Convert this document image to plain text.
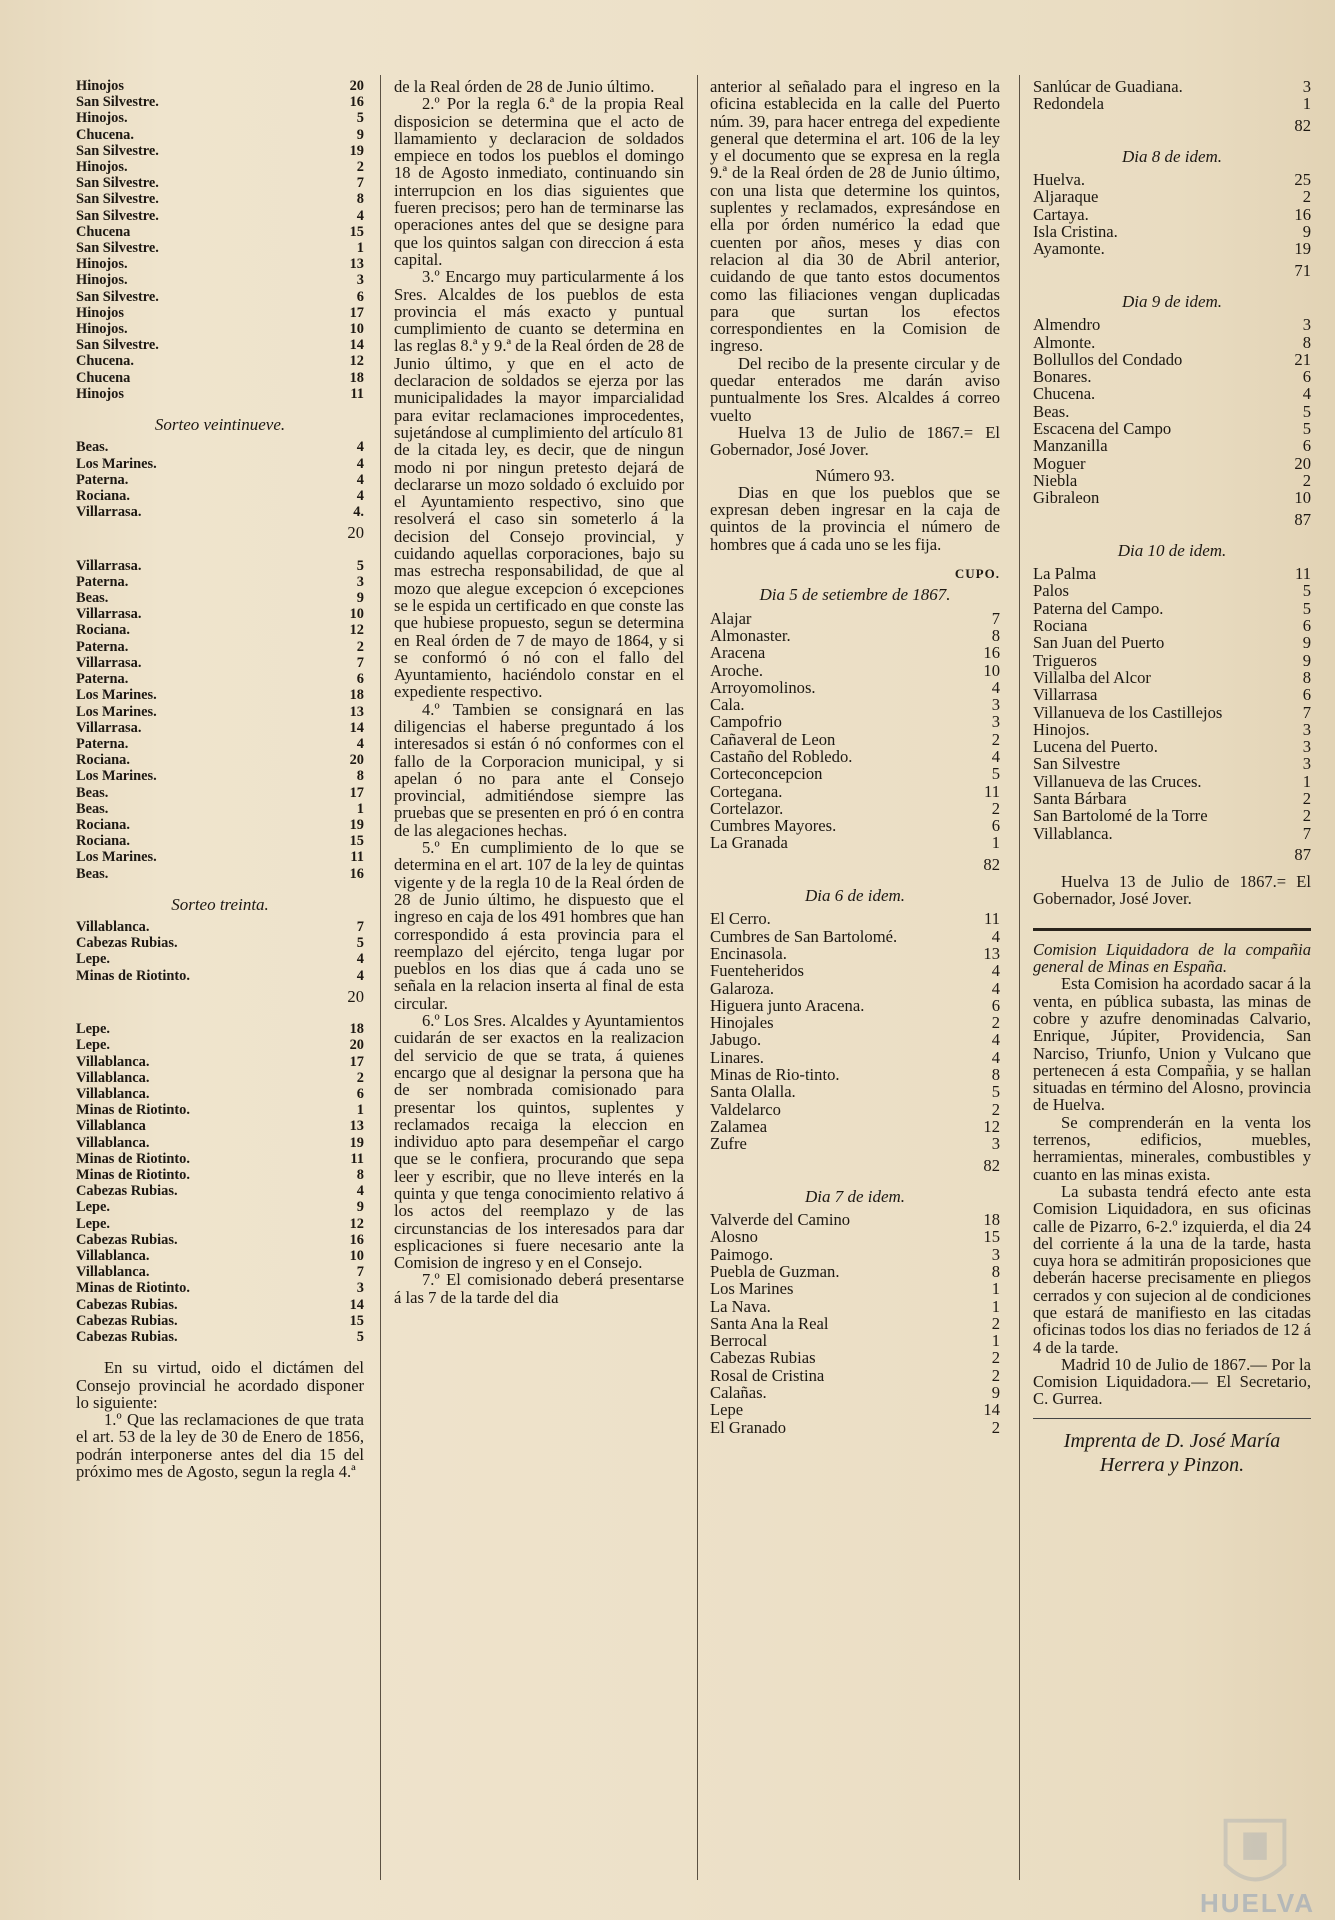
Hinojos	20
San Silvestre.	16
Hinojos.	5
Chucena.	9
San Silvestre.	19
Hinojos.	2
San Silvestre.	7
San Silvestre.	8
San Silvestre.	4
Chucena	15
San Silvestre.	1
Hinojos.	13
Hinojos.	3
San Silvestre.	6
Hinojos	17
Hinojos.	10
San Silvestre.	14
Chucena.	12
Chucena	18
Hinojos	11
Sorteo veintinueve.
Beas.	4
Los Marines.	4
Paterna.	4
Rociana.	4
Villarrasa.	4.
20
Villarrasa.	5
Paterna.	3
Beas.	9
Villarrasa.	10
Rociana.	12
Paterna.	2
Villarrasa.	7
Paterna.	6
Los Marines.	18
Los Marines.	13
Villarrasa.	14
Paterna.	4
Rociana.	20
Los Marines.	8
Beas.	17
Beas.	1
Rociana.	19
Rociana.	15
Los Marines.	11
Beas.	16
Sorteo treinta.
Villablanca.	7
Cabezas Rubias.	5
Lepe.	4
Minas de Riotinto.	4
20
Lepe.	18
Lepe.	20
Villablanca.	17
Villablanca.	2
Villablanca.	6
Minas de Riotinto.	1
Villablanca	13
Villablanca.	19
Minas de Riotinto.	11
Minas de Riotinto.	8
Cabezas Rubias.	4
Lepe.	9
Lepe.	12
Cabezas Rubias.	16
Villablanca.	10
Villablanca.	7
Minas de Riotinto.	3
Cabezas Rubias.	14
Cabezas Rubias.	15
Cabezas Rubias.	5

En su virtud, oido el dictámen del Consejo provincial he acordado disponer lo siguiente:

1.º Que las reclamaciones de que trata el art. 53 de la ley de 30 de Enero de 1856, podrán interponerse antes del dia 15 del próximo mes de Agosto, segun la regla 4.ª

de la Real órden de 28 de Junio último.

2.º Por la regla 6.ª de la propia Real disposicion se determina que el acto de llamamiento y declaracion de soldados empiece en todos los pueblos el domingo 18 de Agosto inmediato, continuando sin interrupcion en los dias siguientes que fueren precisos; pero han de terminarse las operaciones antes del que se designe para que los quintos salgan con direccion á esta capital.

3.º Encargo muy particularmente á los Sres. Alcaldes de los pueblos de esta provincia el más exacto y puntual cumplimiento de cuanto se determina en las reglas 8.ª y 9.ª de la Real órden de 28 de Junio último, y que en el acto de declaracion de soldados se ejerza por las municipalidades la mayor imparcialidad para evitar reclamaciones improcedentes, sujetándose al cumplimiento del artículo 81 de la citada ley, es decir, que de ningun modo ni por ningun pretesto dejará de declararse un mozo soldado ó excluido por el Ayuntamiento respectivo, sino que resolverá el caso sin someterlo á la decision del Consejo provincial, y cuidando aquellas corporaciones, bajo su mas estrecha responsabilidad, de que al mozo que alegue excepcion ó excepciones se le espida un certificado en que conste las que hubiese propuesto, segun se determina en Real órden de 7 de mayo de 1864, y si se conformó ó nó con el fallo del Ayuntamiento, haciéndolo constar en el expediente respectivo.

4.º Tambien se consignará en las diligencias el haberse preguntado á los interesados si están ó nó conformes con el fallo de la Corporacion municipal, y si apelan ó no para ante el Consejo provincial, admitiéndose siempre las pruebas que se presenten en pró ó en contra de las alegaciones hechas.

5.º En cumplimiento de lo que se determina en el art. 107 de la ley de quintas vigente y de la regla 10 de la Real órden de 28 de Junio último, he dispuesto que el ingreso en caja de los 491 hombres que han correspondido á esta provincia para el reemplazo del ejército, tenga lugar por pueblos en los dias que á cada uno se señala en la relacion inserta al final de esta circular.

6.º Los Sres. Alcaldes y Ayuntamientos cuidarán de ser exactos en la realizacion del servicio de que se trata, á quienes encargo que al designar la persona que ha de ser nombrada comisionado para presentar los quintos, suplentes y reclamados recaiga la eleccion en individuo apto para desempeñar el cargo que se le confiera, procurando que sepa leer y escribir, que no lleve interés en la quinta y que tenga conocimiento relativo á los actos del reemplazo y de las circunstancias de los interesados para dar esplicaciones si fuere necesario ante la Comision de ingreso y en el Consejo.

7.º El comisionado deberá presentarse á las 7 de la tarde del dia

anterior al señalado para el ingreso en la oficina establecida en la calle del Puerto núm. 39, para hacer entrega del expediente general que determina el art. 106 de la ley y el documento que se expresa en la regla 9.ª de la Real órden de 28 de Junio último, con una lista que determine los quintos, suplentes y reclamados, expresándose en ella por órden numérico la edad que cuenten por años, meses y dias con relacion al dia 30 de Abril anterior, cuidando de que tanto estos documentos como las filiaciones vengan duplicadas para que surtan los efectos correspondientes en la Comision de ingreso.

Del recibo de la presente circular y de quedar enterados me darán aviso puntualmente los Sres. Alcaldes á correo vuelto

Huelva 13 de Julio de 1867.= El Gobernador, José Jover.

Número 93.

Dias en que los pueblos que se expresan deben ingresar en la caja de quintos de la provincia el número de hombres que á cada uno se les fija.

CUPO.
Dia 5 de setiembre de 1867.
Alajar	7
Almonaster.	8
Aracena	16
Aroche.	10
Arroyomolinos.	4
Cala.	3
Campofrio	3
Cañaveral de Leon	2
Castaño del Robledo.	4
Corteconcepcion	5
Cortegana.	11
Cortelazor.	2
Cumbres Mayores.	6
La Granada	1
82
Dia 6 de idem.
El Cerro.	11
Cumbres de San Bartolomé.	4
Encinasola.	13
Fuenteheridos	4
Galaroza.	4
Higuera junto Aracena.	6
Hinojales	2
Jabugo.	4
Linares.	4
Minas de Rio-tinto.	8
Santa Olalla.	5
Valdelarco	2
Zalamea	12
Zufre	3
82
Dia 7 de idem.
Valverde del Camino	18
Alosno	15
Paimogo.	3
Puebla de Guzman.	8
Los Marines	1
La Nava.	1
Santa Ana la Real	2
Berrocal	1
Cabezas Rubias	2
Rosal de Cristina	2
Calañas.	9
Lepe	14
El Granado	2
Sanlúcar de Guadiana.	3
Redondela	1
82
Dia 8 de idem.
Huelva.	25
Aljaraque	2
Cartaya.	16
Isla Cristina.	9
Ayamonte.	19
71
Dia 9 de idem.
Almendro	3
Almonte.	8
Bollullos del Condado	21
Bonares.	6
Chucena.	4
Beas.	5
Escacena del Campo	5
Manzanilla	6
Moguer	20
Niebla	2
Gibraleon	10
87
Dia 10 de idem.
La Palma	11
Palos	5
Paterna del Campo.	5
Rociana	6
San Juan del Puerto	9
Trigueros	9
Villalba del Alcor	8
Villarrasa	6
Villanueva de los Castillejos	7
Hinojos.	3
Lucena del Puerto.	3
San Silvestre	3
Villanueva de las Cruces.	1
Santa Bárbara	2
San Bartolomé de la Torre	2
Villablanca.	7
87

Huelva 13 de Julio de 1867.= El Gobernador, José Jover.

Comision Liquidadora de la compañia general de Minas en España.

Esta Comision ha acordado sacar á la venta, en pública subasta, las minas de cobre y azufre denominadas Calvario, Enrique, Júpiter, Providencia, San Narciso, Triunfo, Union y Vulcano que pertenecen á esta Compañia, y se hallan situadas en término del Alosno, provincia de Huelva.

Se comprenderán en la venta los terrenos, edificios, muebles, herramientas, minerales, combustibles y cuanto en las minas exista.

La subasta tendrá efecto ante esta Comision Liquidadora, en sus oficinas calle de Pizarro, 6-2.º izquierda, el dia 24 del corriente á la una de la tarde, hasta cuya hora se admitirán proposiciones que deberán hacerse precisamente en pliegos cerrados y con sujecion al de condiciones que estará de manifiesto en las citadas oficinas todos los dias no feriados de 12 á 4 de la tarde.

Madrid 10 de Julio de 1867.— Por la Comision Liquidadora.— El Secretario, C. Gurrea.

Imprenta de D. José María
Herrera y Pinzon.
HUELVA
